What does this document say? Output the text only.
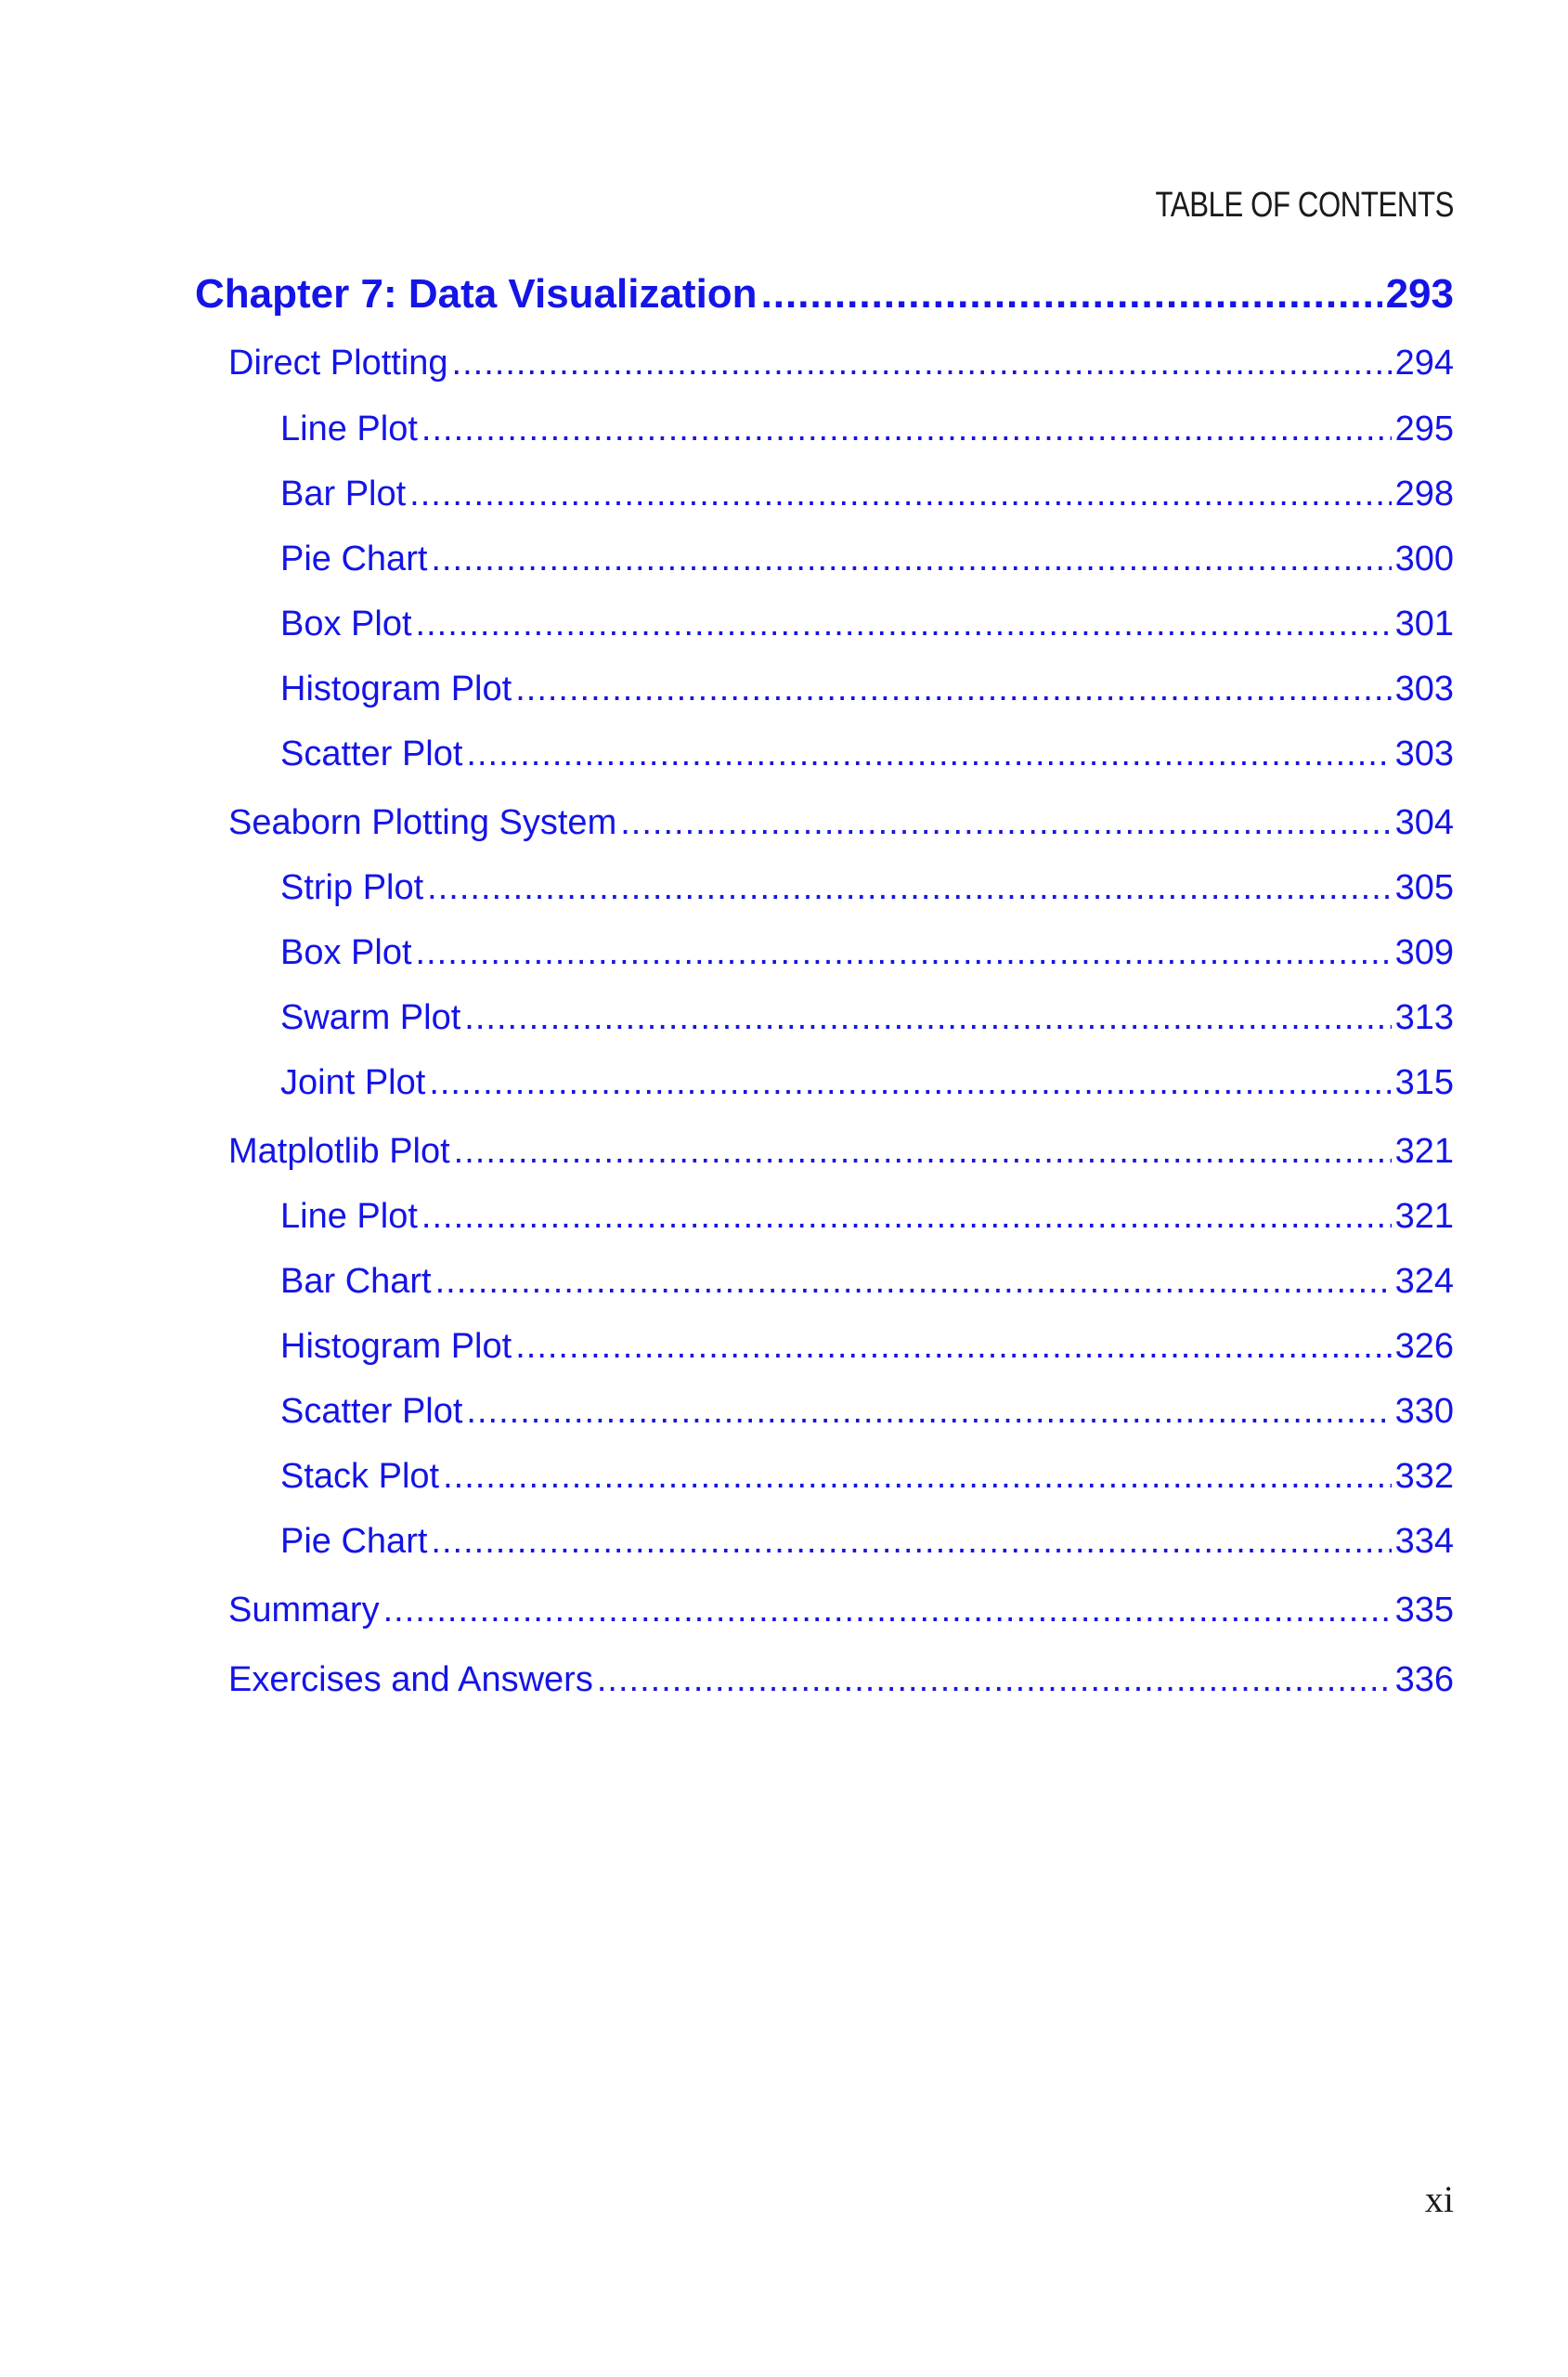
TABLE OF CONTENTS
Chapter 7: Data Visualization .....	293
Direct Plotting .....	294
Line Plot .....	295
Bar Plot .....	298
Pie Chart .....	300
Box Plot .....	301
Histogram Plot .....	303
Scatter Plot .....	303
Seaborn Plotting System .....	304
Strip Plot .....	305
Box Plot .....	309
Swarm Plot .....	313
Joint Plot .....	315
Matplotlib Plot .....	321
Line Plot .....	321
Bar Chart .....	324
Histogram Plot .....	326
Scatter Plot .....	330
Stack Plot .....	332
Pie Chart .....	334
Summary .....	335
Exercises and Answers .....	336
xi
